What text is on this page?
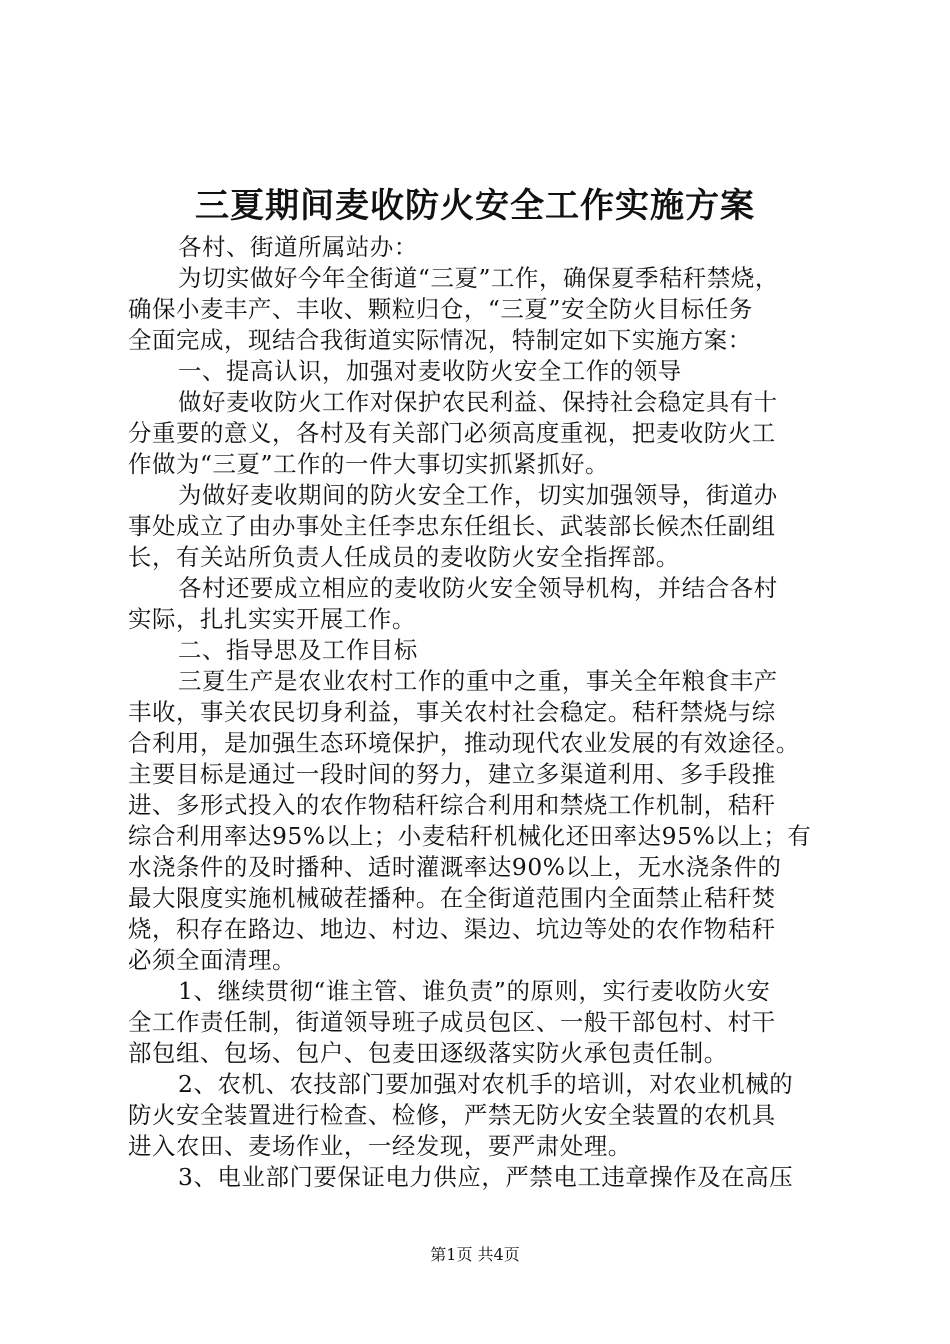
三夏期间麦收防火安全工作实施方案
各村、街道所属站办：
为切实做好今年全街道“三夏”工作，确保夏季秸秆禁烧，
确保小麦丰产、丰收、颗粒归仓，“三夏”安全防火目标任务
全面完成，现结合我街道实际情况，特制定如下实施方案：
一、提高认识，加强对麦收防火安全工作的领导
做好麦收防火工作对保护农民利益、保持社会稳定具有十
分重要的意义，各村及有关部门必须高度重视，把麦收防火工
作做为“三夏”工作的一件大事切实抓紧抓好。
为做好麦收期间的防火安全工作，切实加强领导，街道办
事处成立了由办事处主任李忠东任组长、武装部长候杰任副组
长，有关站所负责人任成员的麦收防火安全指挥部。
各村还要成立相应的麦收防火安全领导机构，并结合各村
实际，扎扎实实开展工作。
二、指导思及工作目标
三夏生产是农业农村工作的重中之重，事关全年粮食丰产
丰收，事关农民切身利益，事关农村社会稳定。秸秆禁烧与综
合利用，是加强生态环境保护，推动现代农业发展的有效途径。
主要目标是通过一段时间的努力，建立多渠道利用、多手段推
进、多形式投入的农作物秸秆综合利用和禁烧工作机制，秸秆
综合利用率达95%以上；小麦秸秆机械化还田率达95%以上；有
水浇条件的及时播种、适时灌溉率达90%以上，无水浇条件的
最大限度实施机械破茬播种。在全街道范围内全面禁止秸秆焚
烧，积存在路边、地边、村边、渠边、坑边等处的农作物秸秆
必须全面清理。
1、继续贯彻“谁主管、谁负责”的原则，实行麦收防火安
全工作责任制，街道领导班子成员包区、一般干部包村、村干
部包组、包场、包户、包麦田逐级落实防火承包责任制。
2、农机、农技部门要加强对农机手的培训，对农业机械的
防火安全装置进行检查、检修，严禁无防火安全装置的农机具
进入农田、麦场作业，一经发现，要严肃处理。
3、电业部门要保证电力供应，严禁电工违章操作及在高压
第1页 共4页
